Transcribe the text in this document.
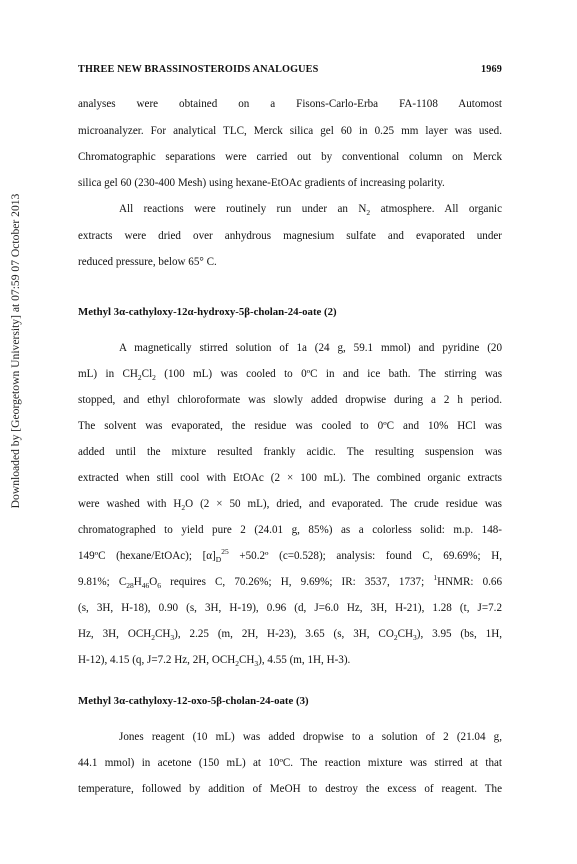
THREE NEW BRASSINOSTEROIDS ANALOGUES	1969
Downloaded by [Georgetown University] at 07:59 07 October 2013
analyses were obtained on a Fisons-Carlo-Erba FA-1108 Automost
microanalyzer. For analytical TLC, Merck silica gel 60 in 0.25 mm layer was used.
Chromatographic separations were carried out by conventional column on Merck
silica gel 60 (230-400 Mesh) using hexane-EtOAc gradients of increasing polarity.
All reactions were routinely run under an $N_2$ atmosphere. All organic
extracts were dried over anhydrous magnesium sulfate and evaporated under
reduced pressure, below 65° C.
Methyl 3α-cathyloxy-12α-hydroxy-5β-cholan-24-oate (2)
A magnetically stirred solution of 1a (24 g, 59.1 mmol) and pyridine (20
mL) in $CH_2Cl_2$ (100 mL) was cooled to 0ºC in and ice bath. The stirring was
stopped, and ethyl chloroformate was slowly added dropwise during a 2 h period.
The solvent was evaporated, the residue was cooled to 0ºC and 10% HCl was
added until the mixture resulted frankly acidic. The resulting suspension was
extracted when still cool with EtOAc (2 × 100 mL). The combined organic extracts
were washed with $H_2O$ (2 × 50 mL), dried, and evaporated. The crude residue was
chromatographed to yield pure 2 (24.01 g, 85%) as a colorless solid: m.p. 148-
149ºC (hexane/EtOAc); $[\alpha]_D^{25}$ +50.2º (c=0.528); analysis: found C, 69.69%; H,
9.81%; $C_{28}H_{46}O_6$ requires C, 70.26%; H, 9.69%; IR: 3537, 1737; $^1$HNMR: 0.66
(s, 3H, H-18), 0.90 (s, 3H, H-19), 0.96 (d, J=6.0 Hz, 3H, H-21), 1.28 (t, J=7.2
Hz, 3H, $OCH_2CH_3$), 2.25 (m, 2H, H-23), 3.65 (s, 3H, $CO_2CH_3$), 3.95 (bs, 1H,
H-12), 4.15 (q, J=7.2 Hz, 2H, $OCH_2CH_3$), 4.55 (m, 1H, H-3).
Methyl 3α-cathyloxy-12-oxo-5β-cholan-24-oate (3)
Jones reagent (10 mL) was added dropwise to a solution of 2 (21.04 g,
44.1 mmol) in acetone (150 mL) at 10ºC. The reaction mixture was stirred at that
temperature, followed by addition of MeOH to destroy the excess of reagent. The
